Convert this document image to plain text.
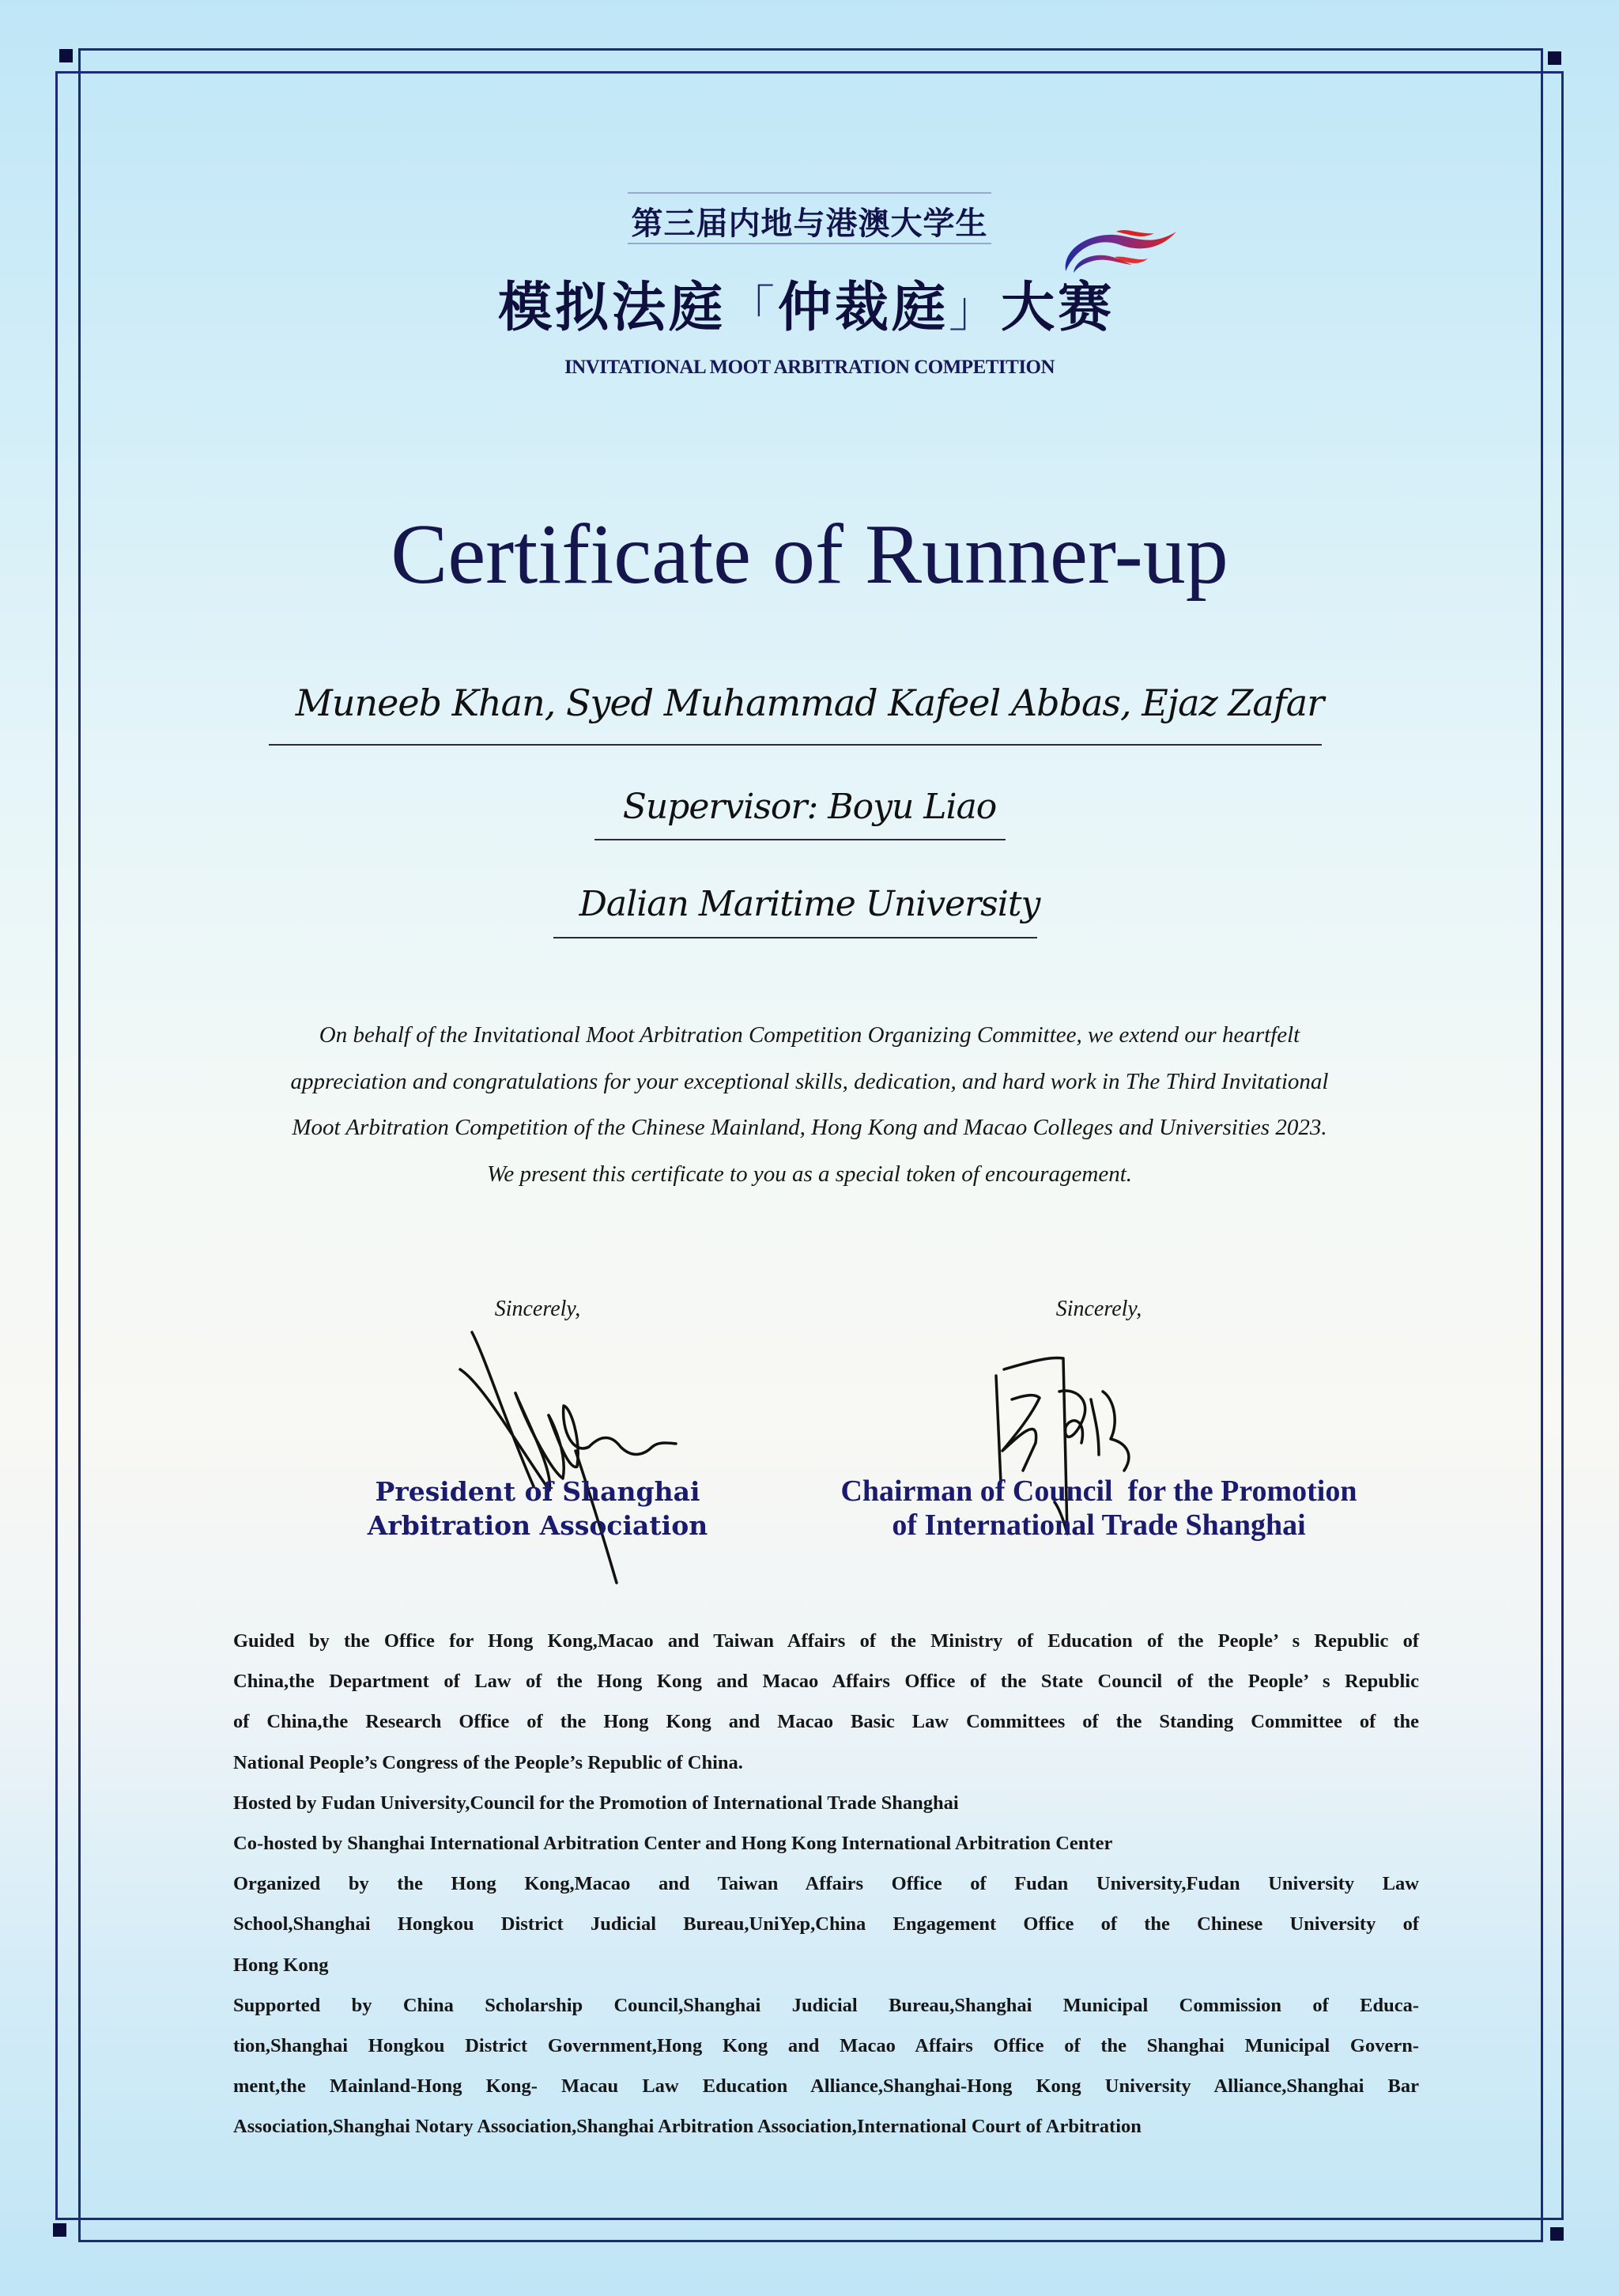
第三届内地与港澳大学生
模拟法庭「仲裁庭」大赛
INVITATIONAL MOOT ARBITRATION COMPETITION
Certificate of Runner-up
Muneeb Khan, Syed Muhammad Kafeel Abbas, Ejaz Zafar
Supervisor: Boyu Liao
Dalian Maritime University
On behalf of the Invitational Moot Arbitration Competition Organizing Committee, we extend our heartfelt
appreciation and congratulations for your exceptional skills, dedication, and hard work in The Third Invitational
Moot Arbitration Competition of the Chinese Mainland, Hong Kong and Macao Colleges and Universities 2023.
We present this certificate to you as a special token of encouragement.
Sincerely,
President of Shanghai
Arbitration Association
Sincerely,
Chairman of Council  for the Promotion
of International Trade Shanghai
Guided by the Office for Hong Kong,Macao and Taiwan Affairs of the Ministry of Education of the People’ s Republic of
China,the Department of Law of the Hong Kong and Macao Affairs Office of the State Council of the People’ s Republic
of China,the Research Office of the Hong Kong and Macao Basic Law Committees of the Standing Committee of the
National People’s Congress of the People’s Republic of China.
Hosted by Fudan University,Council for the Promotion of International Trade Shanghai
Co-hosted by Shanghai International Arbitration Center and Hong Kong International Arbitration Center
Organized by the Hong Kong,Macao and Taiwan Affairs Office of Fudan University,Fudan University Law
School,Shanghai Hongkou District Judicial Bureau,UniYep,China Engagement Office of the Chinese University of
Hong Kong
Supported by China Scholarship Council,Shanghai Judicial Bureau,Shanghai Municipal Commission of Educa-
tion,Shanghai Hongkou District Government,Hong Kong and Macao Affairs Office of the Shanghai Municipal Govern-
ment,the Mainland-Hong Kong- Macau Law Education Alliance,Shanghai-Hong Kong University Alliance,Shanghai Bar
Association,Shanghai Notary Association,Shanghai Arbitration Association,International Court of Arbitration
